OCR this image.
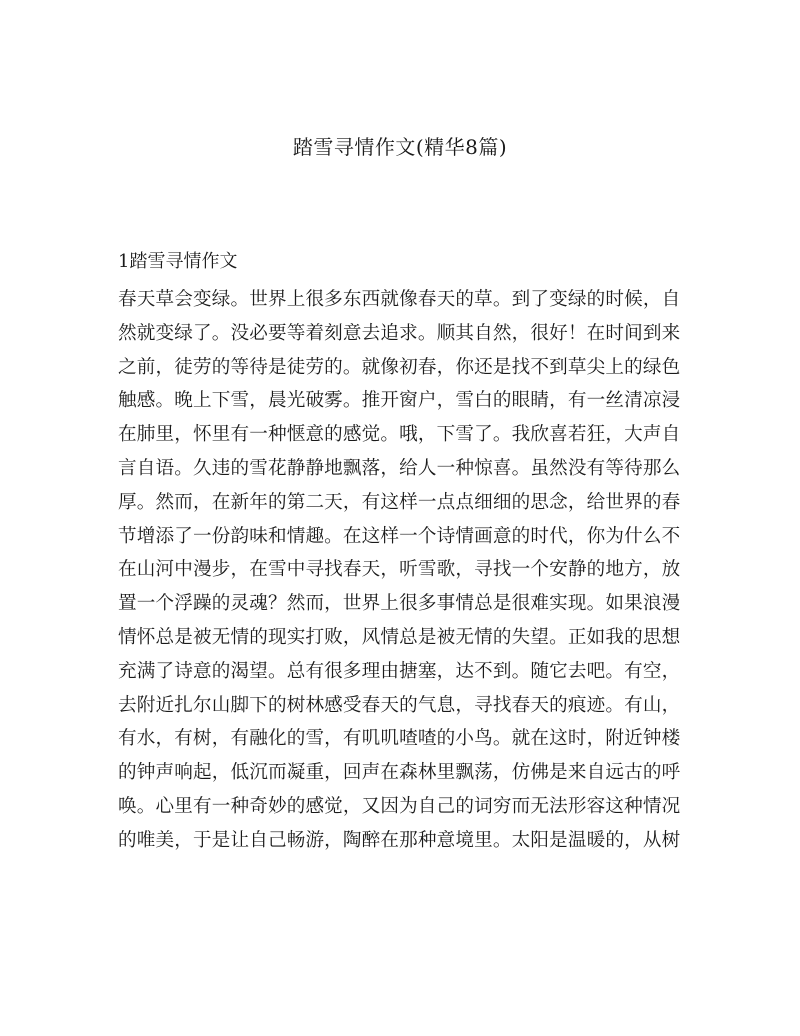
踏雪寻情作文(精华8篇)
1踏雪寻情作文
春天草会变绿。世界上很多东西就像春天的草。到了变绿的时候，自
然就变绿了。没必要等着刻意去追求。顺其自然，很好！在时间到来
之前，徒劳的等待是徒劳的。就像初春，你还是找不到草尖上的绿色
触感。晚上下雪，晨光破雾。推开窗户，雪白的眼睛，有一丝清凉浸
在肺里，怀里有一种惬意的感觉。哦，下雪了。我欣喜若狂，大声自
言自语。久违的雪花静静地飘落，给人一种惊喜。虽然没有等待那么
厚。然而，在新年的第二天，有这样一点点细细的思念，给世界的春
节增添了一份韵味和情趣。在这样一个诗情画意的时代，你为什么不
在山河中漫步，在雪中寻找春天，听雪歌，寻找一个安静的地方，放
置一个浮躁的灵魂？然而，世界上很多事情总是很难实现。如果浪漫
情怀总是被无情的现实打败，风情总是被无情的失望。正如我的思想
充满了诗意的渴望。总有很多理由搪塞，达不到。随它去吧。有空，
去附近扎尔山脚下的树林感受春天的气息，寻找春天的痕迹。有山，
有水，有树，有融化的雪，有叽叽喳喳的小鸟。就在这时，附近钟楼
的钟声响起，低沉而凝重，回声在森林里飘荡，仿佛是来自远古的呼
唤。心里有一种奇妙的感觉，又因为自己的词穷而无法形容这种情况
的唯美，于是让自己畅游，陶醉在那种意境里。太阳是温暖的，从树
